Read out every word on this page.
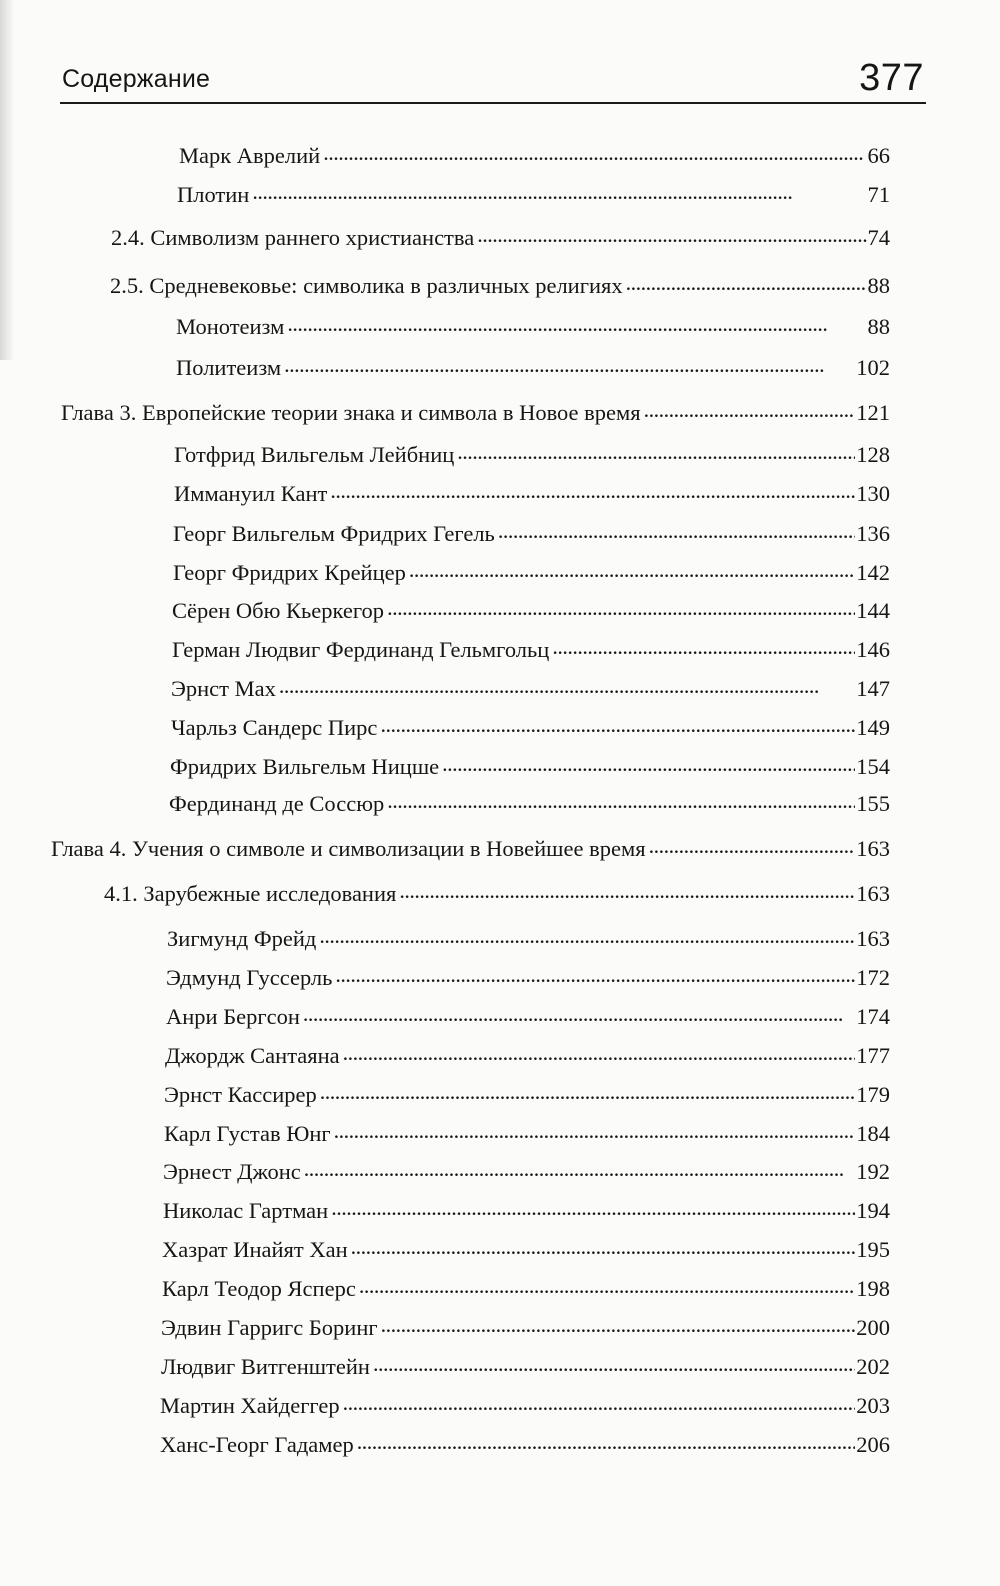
Содержание	377
Марк Аврелий . . .	66
Плотин . . .	71
2.4. Символизм раннего христианства . . .	74
2.5. Средневековье: символика в различных религиях . . .	88
Монотеизм . . .	88
Политеизм . . .	102
Глава 3. Европейские теории знака и символа в Новое время . . .	121
Готфрид Вильгельм Лейбниц . . .	128
Иммануил Кант . . .	130
Георг Вильгельм Фридрих Гегель . . .	136
Георг Фридрих Крейцер . . .	142
Сёрен Обю Кьеркегор . . .	144
Герман Людвиг Фердинанд Гельмгольц . . .	146
Эрнст Мах . . .	147
Чарльз Сандерс Пирс . . .	149
Фридрих Вильгельм Ницше . . .	154
Фердинанд де Соссюр . . .	155
Глава 4. Учения о символе и символизации в Новейшее время . . .	163
4.1. Зарубежные исследования . . .	163
Зигмунд Фрейд . . .	163
Эдмунд Гуссерль . . .	172
Анри Бергсон . . .	174
Джордж Сантаяна . . .	177
Эрнст Кассирер . . .	179
Карл Густав Юнг . . .	184
Эрнест Джонс . . .	192
Николас Гартман . . .	194
Хазрат Инайят Хан . . .	195
Карл Теодор Ясперс . . .	198
Эдвин Гарригс Боринг . . .	200
Людвиг Витгенштейн . . .	202
Мартин Хайдеггер . . .	203
Ханс-Георг Гадамер . . .	206
